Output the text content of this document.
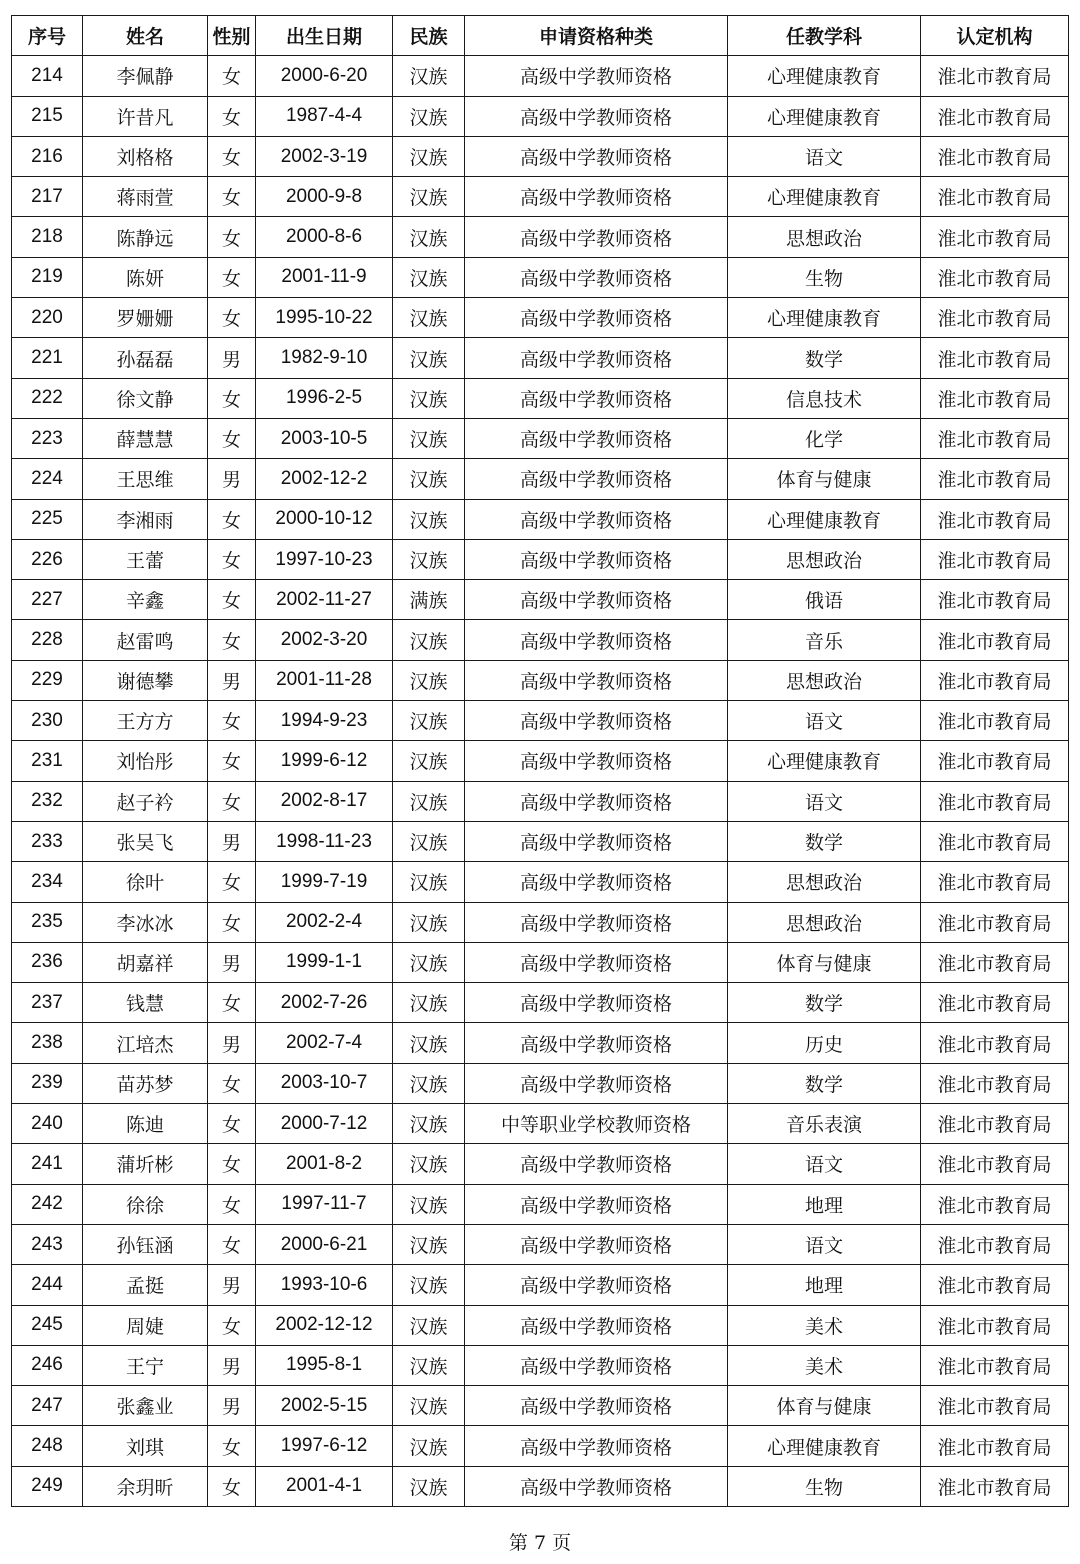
序号	姓名	性别	出生日期	民族	申请资格种类	任教学科	认定机构
214	李佩静	女	2000-6-20	汉族	高级中学教师资格	心理健康教育	淮北市教育局
215	许昔凡	女	1987-4-4	汉族	高级中学教师资格	心理健康教育	淮北市教育局
216	刘格格	女	2002-3-19	汉族	高级中学教师资格	语文	淮北市教育局
217	蒋雨萱	女	2000-9-8	汉族	高级中学教师资格	心理健康教育	淮北市教育局
218	陈静远	女	2000-8-6	汉族	高级中学教师资格	思想政治	淮北市教育局
219	陈妍	女	2001-11-9	汉族	高级中学教师资格	生物	淮北市教育局
220	罗姗姗	女	1995-10-22	汉族	高级中学教师资格	心理健康教育	淮北市教育局
221	孙磊磊	男	1982-9-10	汉族	高级中学教师资格	数学	淮北市教育局
222	徐文静	女	1996-2-5	汉族	高级中学教师资格	信息技术	淮北市教育局
223	薛慧慧	女	2003-10-5	汉族	高级中学教师资格	化学	淮北市教育局
224	王思维	男	2002-12-2	汉族	高级中学教师资格	体育与健康	淮北市教育局
225	李湘雨	女	2000-10-12	汉族	高级中学教师资格	心理健康教育	淮北市教育局
226	王蕾	女	1997-10-23	汉族	高级中学教师资格	思想政治	淮北市教育局
227	辛鑫	女	2002-11-27	满族	高级中学教师资格	俄语	淮北市教育局
228	赵雷鸣	女	2002-3-20	汉族	高级中学教师资格	音乐	淮北市教育局
229	谢德攀	男	2001-11-28	汉族	高级中学教师资格	思想政治	淮北市教育局
230	王方方	女	1994-9-23	汉族	高级中学教师资格	语文	淮北市教育局
231	刘怡彤	女	1999-6-12	汉族	高级中学教师资格	心理健康教育	淮北市教育局
232	赵子衿	女	2002-8-17	汉族	高级中学教师资格	语文	淮北市教育局
233	张吴飞	男	1998-11-23	汉族	高级中学教师资格	数学	淮北市教育局
234	徐叶	女	1999-7-19	汉族	高级中学教师资格	思想政治	淮北市教育局
235	李冰冰	女	2002-2-4	汉族	高级中学教师资格	思想政治	淮北市教育局
236	胡嘉祥	男	1999-1-1	汉族	高级中学教师资格	体育与健康	淮北市教育局
237	钱慧	女	2002-7-26	汉族	高级中学教师资格	数学	淮北市教育局
238	江培杰	男	2002-7-4	汉族	高级中学教师资格	历史	淮北市教育局
239	苗苏梦	女	2003-10-7	汉族	高级中学教师资格	数学	淮北市教育局
240	陈迪	女	2000-7-12	汉族	中等职业学校教师资格	音乐表演	淮北市教育局
241	蒲圻彬	女	2001-8-2	汉族	高级中学教师资格	语文	淮北市教育局
242	徐徐	女	1997-11-7	汉族	高级中学教师资格	地理	淮北市教育局
243	孙钰涵	女	2000-6-21	汉族	高级中学教师资格	语文	淮北市教育局
244	孟挺	男	1993-10-6	汉族	高级中学教师资格	地理	淮北市教育局
245	周婕	女	2002-12-12	汉族	高级中学教师资格	美术	淮北市教育局
246	王宁	男	1995-8-1	汉族	高级中学教师资格	美术	淮北市教育局
247	张鑫业	男	2002-5-15	汉族	高级中学教师资格	体育与健康	淮北市教育局
248	刘琪	女	1997-6-12	汉族	高级中学教师资格	心理健康教育	淮北市教育局
249	余玥昕	女	2001-4-1	汉族	高级中学教师资格	生物	淮北市教育局
第 7 页
